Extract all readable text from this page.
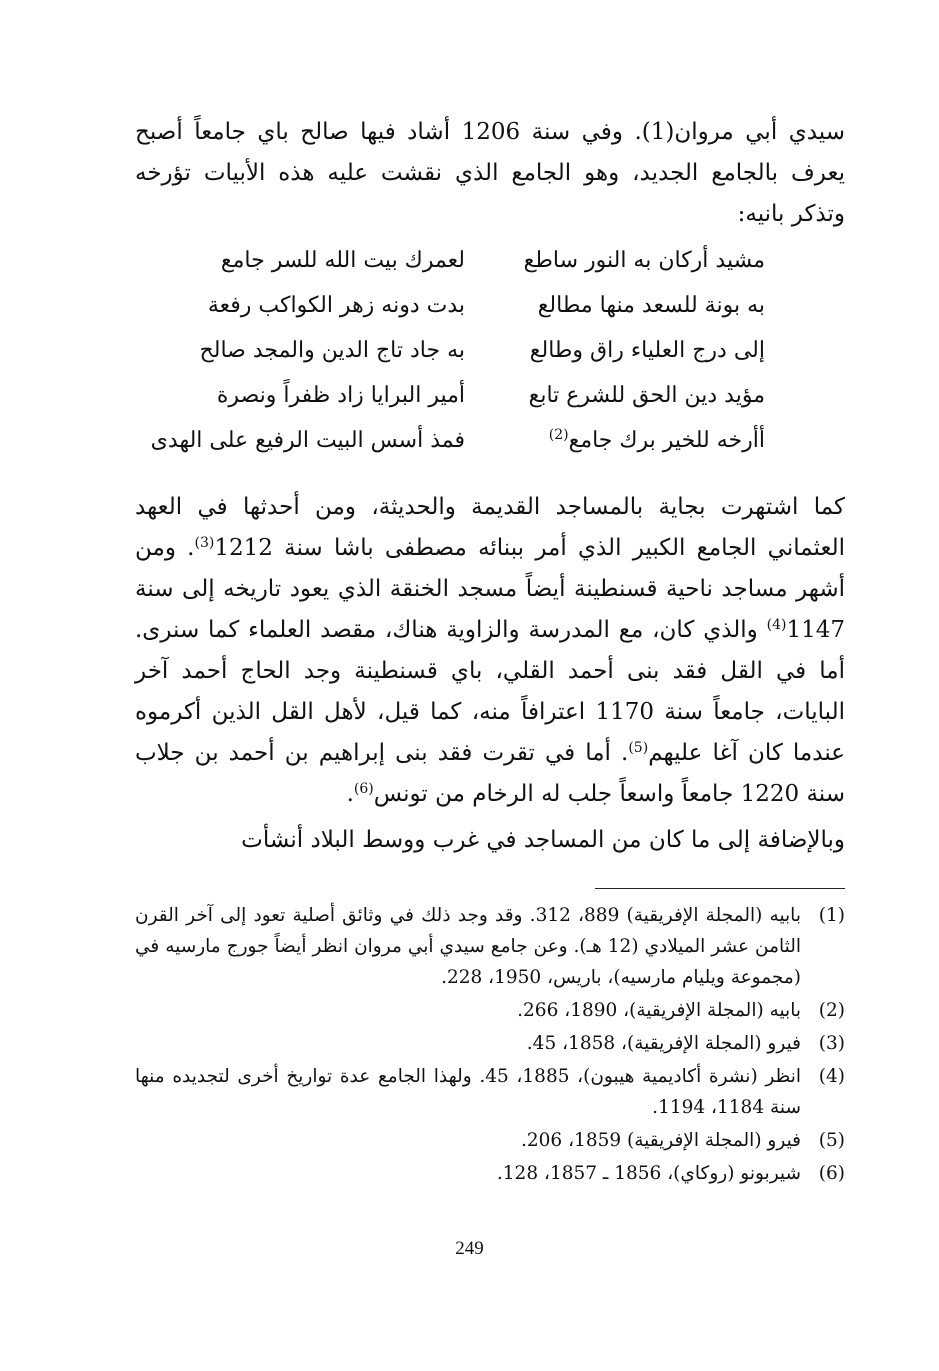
سيدي أبي مروان(1). وفي سنة 1206 أشاد فيها صالح باي جامعاً أصبح يعرف بالجامع الجديد، وهو الجامع الذي نقشت عليه هذه الأبيات تؤرخه وتذكر بانيه:

لعمرك بيت الله للسر جامع	مشيد أركان به النور ساطع
بدت دونه زهر الكواكب رفعة	به بونة للسعد منها مطالع
به جاد تاج الدين والمجد صالح	إلى درج العلياء راق وطالع
أمير البرايا زاد ظفراً ونصرة	مؤيد دين الحق للشرع تابع
فمذ أسس البيت الرفيع على الهدى	أأرخه للخير برك جامع$^{(2)}$

كما اشتهرت بجاية بالمساجد القديمة والحديثة، ومن أحدثها في العهد العثماني الجامع الكبير الذي أمر ببنائه مصطفى باشا سنة 1212$^{(3)}$. ومن أشهر مساجد ناحية قسنطينة أيضاً مسجد الخنقة الذي يعود تاريخه إلى سنة 1147$^{(4)}$ والذي كان، مع المدرسة والزاوية هناك، مقصد العلماء كما سنرى. أما في القل فقد بنى أحمد القلي، باي قسنطينة وجد الحاج أحمد آخر البايات، جامعاً سنة 1170 اعترافاً منه، كما قيل، لأهل القل الذين أكرموه عندما كان آغا عليهم$^{(5)}$. أما في تقرت فقد بنى إبراهيم بن أحمد بن جلاب سنة 1220 جامعاً واسعاً جلب له الرخام من تونس$^{(6)}$.

وبالإضافة إلى ما كان من المساجد في غرب ووسط البلاد أنشأت

(1)
بابيه (المجلة الإفريقية) 889، 312. وقد وجد ذلك في وثائق أصلية تعود إلى آخر القرن الثامن عشر الميلادي (12 هـ). وعن جامع سيدي أبي مروان انظر أيضاً جورج مارسيه في (مجموعة ويليام مارسيه)، باريس، 1950، 228.
(2)
بابيه (المجلة الإفريقية)، 1890، 266.
(3)
فيرو (المجلة الإفريقية)، 1858، 45.
(4)
انظر (نشرة أكاديمية هيبون)، 1885، 45. ولهذا الجامع عدة تواريخ أخرى لتجديده منها سنة 1184، 1194.
(5)
فيرو (المجلة الإفريقية) 1859، 206.
(6)
شيربونو (روكاي)، 1856 ـ 1857، 128.
249
